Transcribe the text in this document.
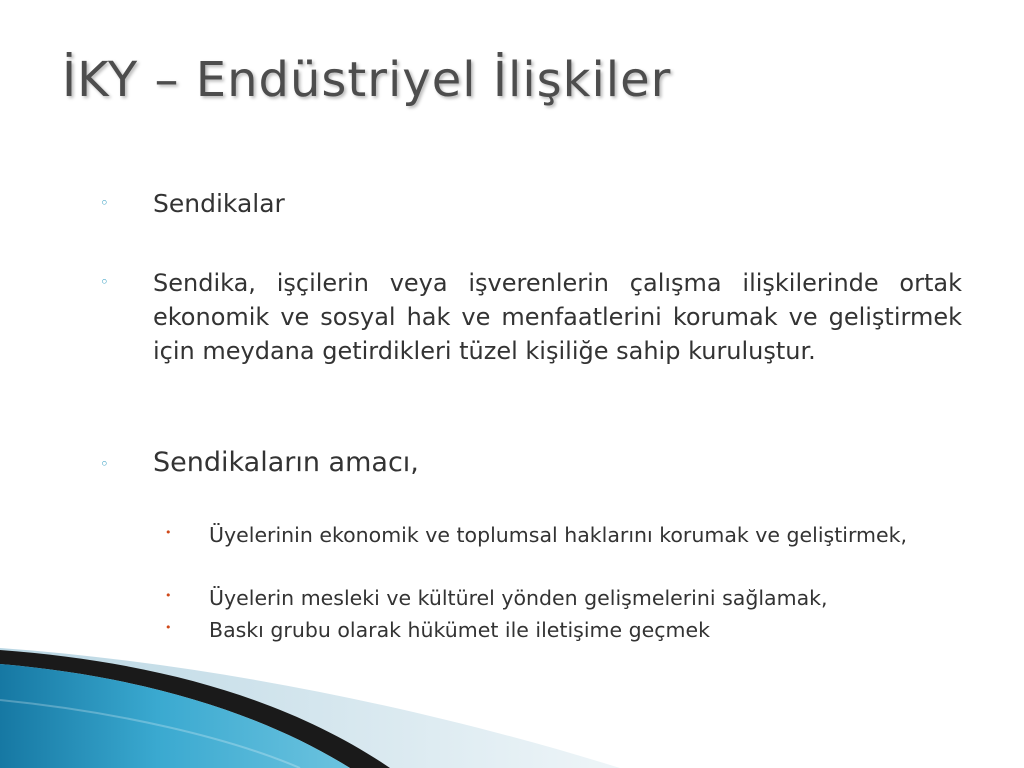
İKY – Endüstriyel İlişkiler
◦ Sendikalar
◦ Sendika, işçilerin veya işverenlerin çalışma ilişkilerinde ortak ekonomik ve sosyal hak ve menfaatlerini korumak ve geliştirmek için meydana getirdikleri tüzel kişiliğe sahip kuruluştur.
◦ Sendikaların amacı,
• Üyelerinin ekonomik ve toplumsal haklarını korumak ve geliştirmek,
• Üyelerin mesleki ve kültürel yönden gelişmelerini sağlamak,
• Baskı grubu olarak hükümet ile iletişime geçmek
